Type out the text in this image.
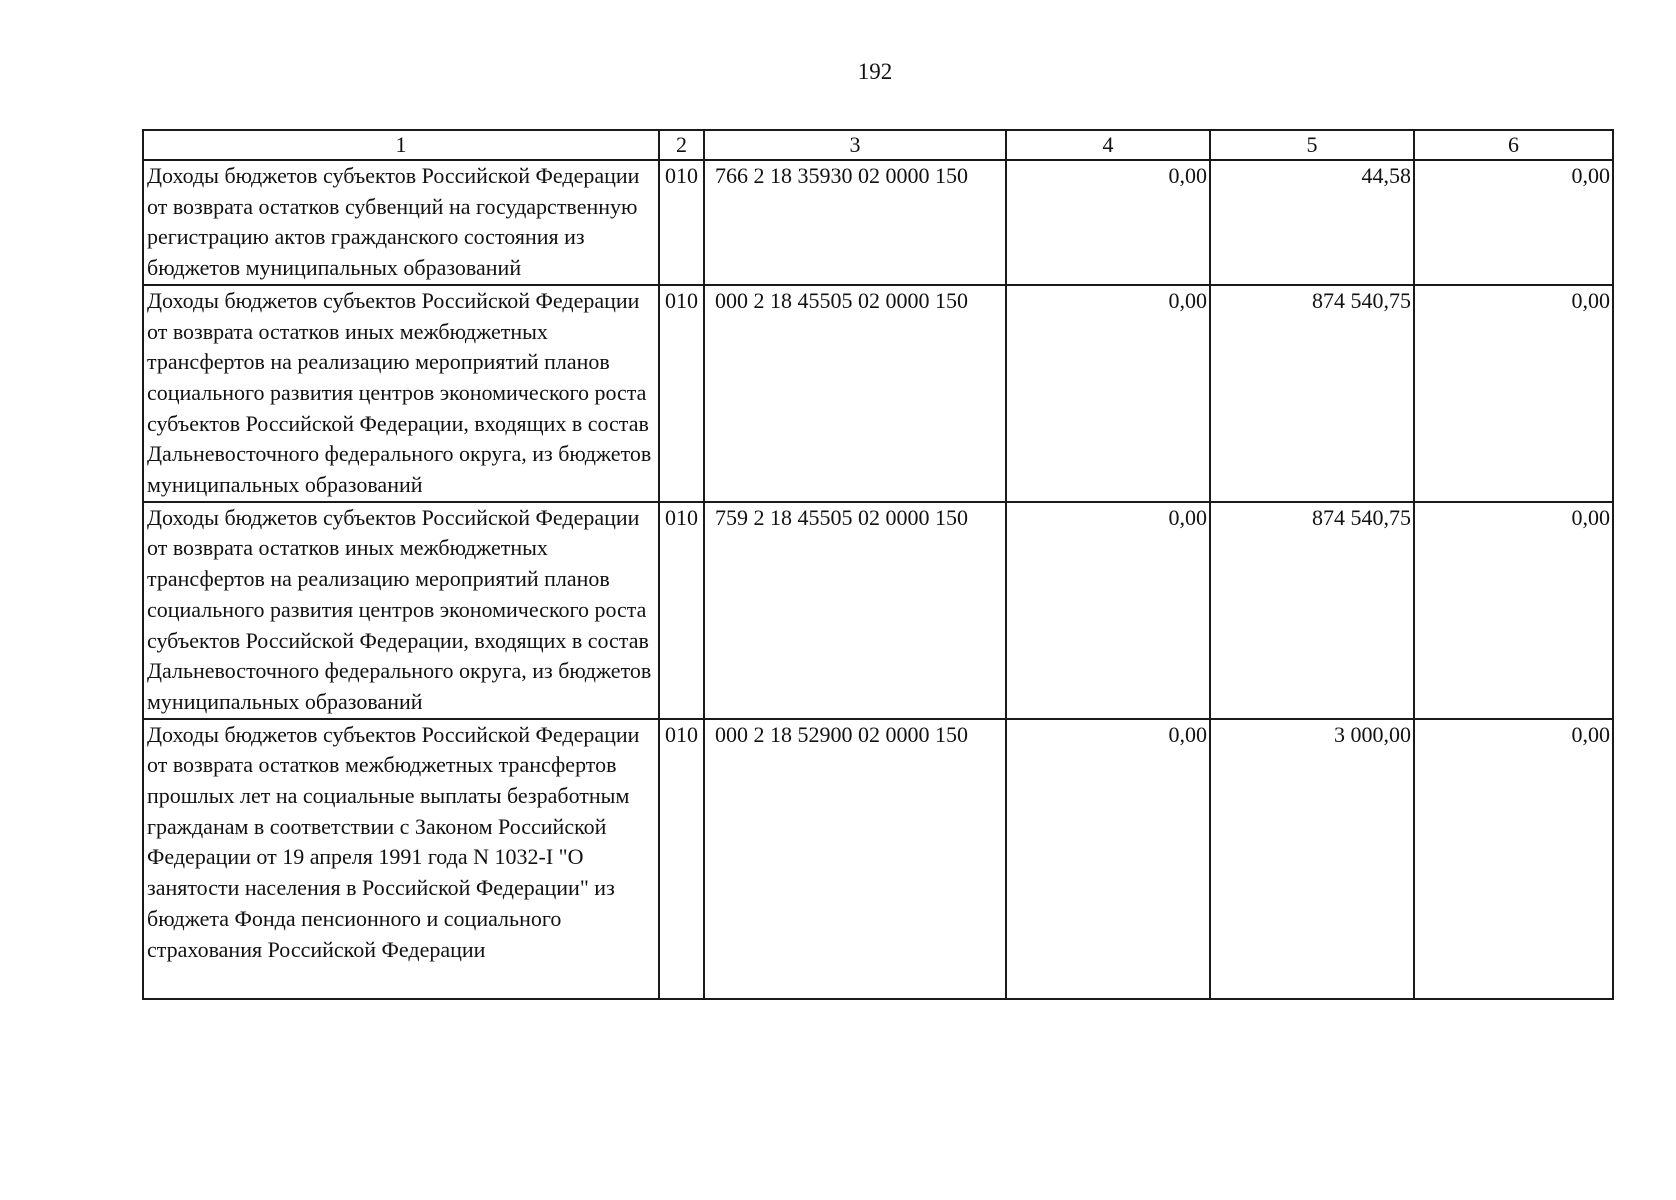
192
1	2	3	4	5	6
Доходы бюджетов субъектов Российской Федерации от возврата остатков субвенций на государственную регистрацию актов гражданского состояния из бюджетов муниципальных образований	010	766 2 18 35930 02 0000 150	0,00	44,58	0,00
Доходы бюджетов субъектов Российской Федерации от возврата остатков иных межбюджетных трансфертов на реализацию мероприятий планов социального развития центров экономического роста субъектов Российской Федерации, входящих в состав Дальневосточного федерального округа, из бюджетов муниципальных образований	010	000 2 18 45505 02 0000 150	0,00	874 540,75	0,00
Доходы бюджетов субъектов Российской Федерации от возврата остатков иных межбюджетных трансфертов на реализацию мероприятий планов социального развития центров экономического роста субъектов Российской Федерации, входящих в состав Дальневосточного федерального округа, из бюджетов муниципальных образований	010	759 2 18 45505 02 0000 150	0,00	874 540,75	0,00
Доходы бюджетов субъектов Российской Федерации от возврата остатков межбюджетных трансфертов прошлых лет на социальные выплаты безработным гражданам в соответствии с Законом Российской Федерации от 19 апреля 1991 года N 1032-I "О занятости населения в Российской Федерации" из бюджета Фонда пенсионного и социального страхования Российской Федерации	010	000 2 18 52900 02 0000 150	0,00	3 000,00	0,00
